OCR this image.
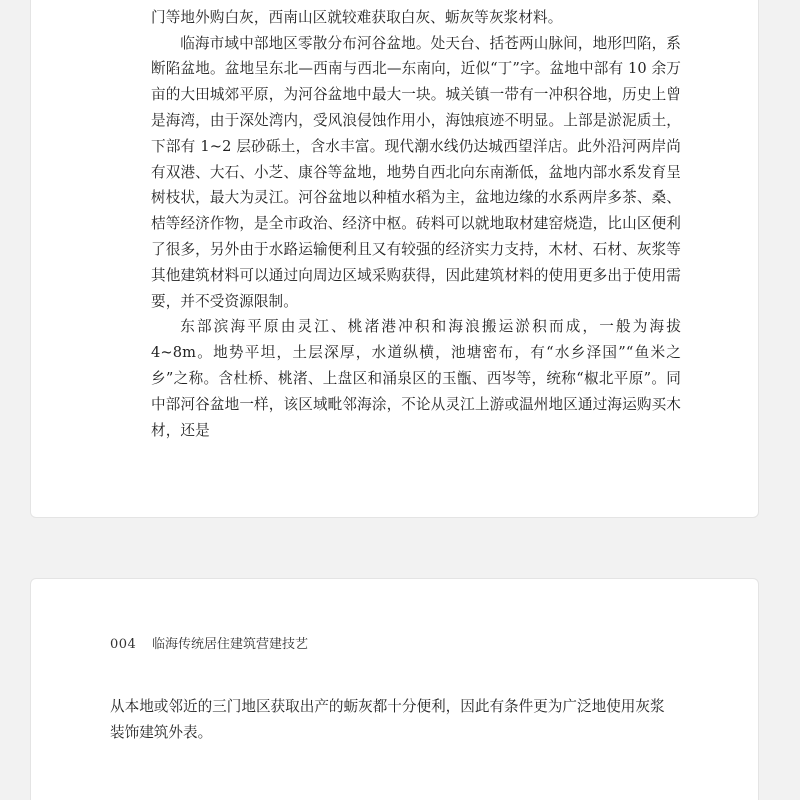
门等地外购白灰，西南山区就较难获取白灰、蛎灰等灰浆材料。

临海市域中部地区零散分布河谷盆地。处天台、括苍两山脉间，地形凹陷，系断陷盆地。盆地呈东北—西南与西北—东南向，近似“丁”字。盆地中部有 10 余万亩的大田城郊平原，为河谷盆地中最大一块。城关镇一带有一冲积谷地，历史上曾是海湾，由于深处湾内，受风浪侵蚀作用小，海蚀痕迹不明显。上部是淤泥质土，下部有 1~2 层砂砾土，含水丰富。现代潮水线仍达城西望洋店。此外沿河两岸尚有双港、大石、小芝、康谷等盆地，地势自西北向东南渐低，盆地内部水系发育呈树枝状，最大为灵江。河谷盆地以种植水稻为主，盆地边缘的水系两岸多茶、桑、桔等经济作物，是全市政治、经济中枢。砖料可以就地取材建窑烧造，比山区便利了很多，另外由于水路运输便利且又有较强的经济实力支持，木材、石材、灰浆等其他建筑材料可以通过向周边区域采购获得，因此建筑材料的使用更多出于使用需要，并不受资源限制。

东部滨海平原由灵江、桃渚港冲积和海浪搬运淤积而成，一般为海拔 4~8m。地势平坦，土层深厚，水道纵横，池塘密布，有“水乡泽国”“鱼米之乡”之称。含杜桥、桃渚、上盘区和涌泉区的玉甑、西岑等，统称“椒北平原”。同中部河谷盆地一样，该区域毗邻海涂，不论从灵江上游或温州地区通过海运购买木材，还是

004 临海传统居住建筑营建技艺

从本地或邻近的三门地区获取出产的蛎灰都十分便利，因此有条件更为广泛地使用灰浆装饰建筑外表。
